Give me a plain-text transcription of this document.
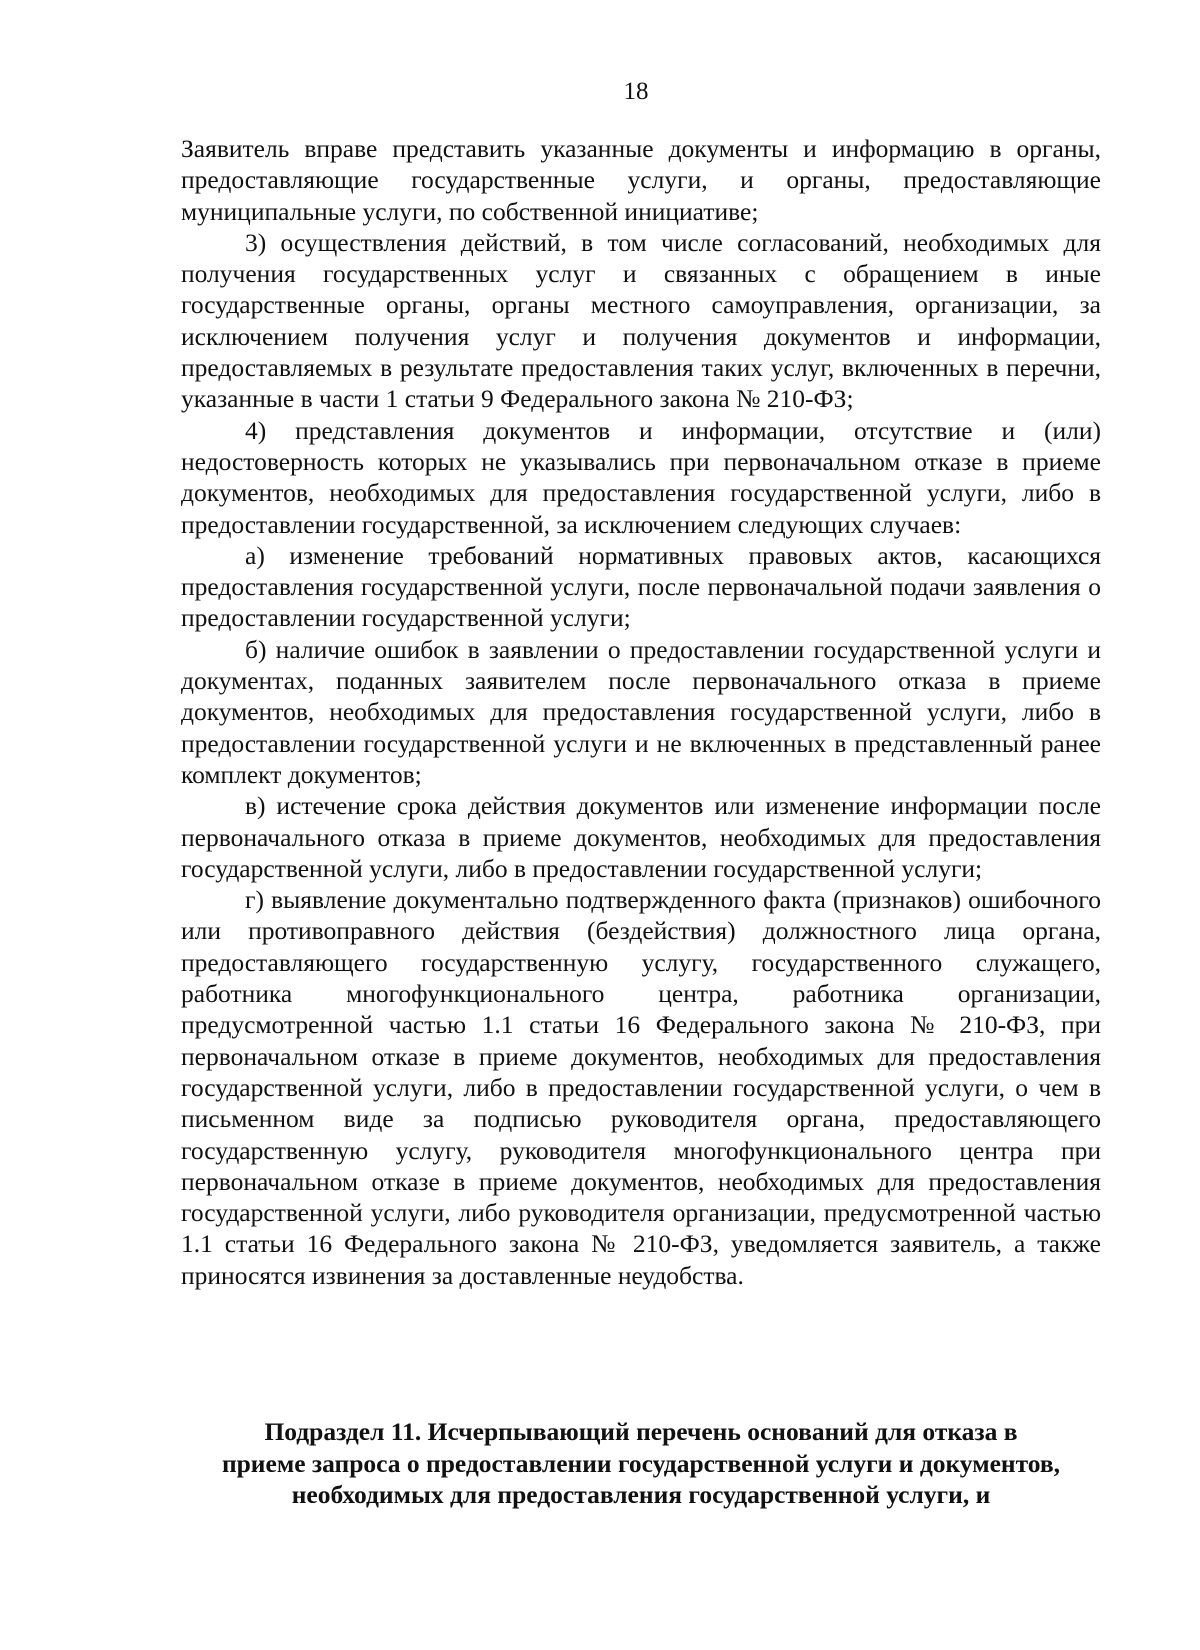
18

Заявитель вправе представить указанные документы и информацию в органы, предоставляющие государственные услуги, и органы, предоставляющие муниципальные услуги, по собственной инициативе;

3) осуществления действий, в том числе согласований, необходимых для получения государственных услуг и связанных с обращением в иные государственные органы, органы местного самоуправления, организации, за исключением получения услуг и получения документов и информации, предоставляемых в результате предоставления таких услуг, включенных в перечни, указанные в части 1 статьи 9 Федерального закона № 210-ФЗ;

4) представления документов и информации, отсутствие и (или) недостоверность которых не указывались при первоначальном отказе в приеме документов, необходимых для предоставления государственной услуги, либо в предоставлении государственной, за исключением следующих случаев:

а) изменение требований нормативных правовых актов, касающихся предоставления государственной услуги, после первоначальной подачи заявления о предоставлении государственной услуги;

б) наличие ошибок в заявлении о предоставлении государственной услуги и документах, поданных заявителем после первоначального отказа в приеме документов, необходимых для предоставления государственной услуги, либо в предоставлении государственной услуги и не включенных в представленный ранее комплект документов;

в) истечение срока действия документов или изменение информации после первоначального отказа в приеме документов, необходимых для предоставления государственной услуги, либо в предоставлении государственной услуги;

г) выявление документально подтвержденного факта (признаков) ошибочного или противоправного действия (бездействия) должностного лица органа, предоставляющего государственную услугу, государственного служащего, работника многофункционального центра, работника организации, предусмотренной частью 1.1 статьи 16 Федерального закона № 210-ФЗ, при первоначальном отказе в приеме документов, необходимых для предоставления государственной услуги, либо в предоставлении государственной услуги, о чем в письменном виде за подписью руководителя органа, предоставляющего государственную услугу, руководителя многофункционального центра при первоначальном отказе в приеме документов, необходимых для предоставления государственной услуги, либо руководителя организации, предусмотренной частью 1.1 статьи 16 Федерального закона № 210-ФЗ, уведомляется заявитель, а также приносятся извинения за доставленные неудобства.

Подраздел 11. Исчерпывающий перечень оснований для отказа в
приеме запроса о предоставлении государственной услуги и документов,
необходимых для предоставления государственной услуги, и
